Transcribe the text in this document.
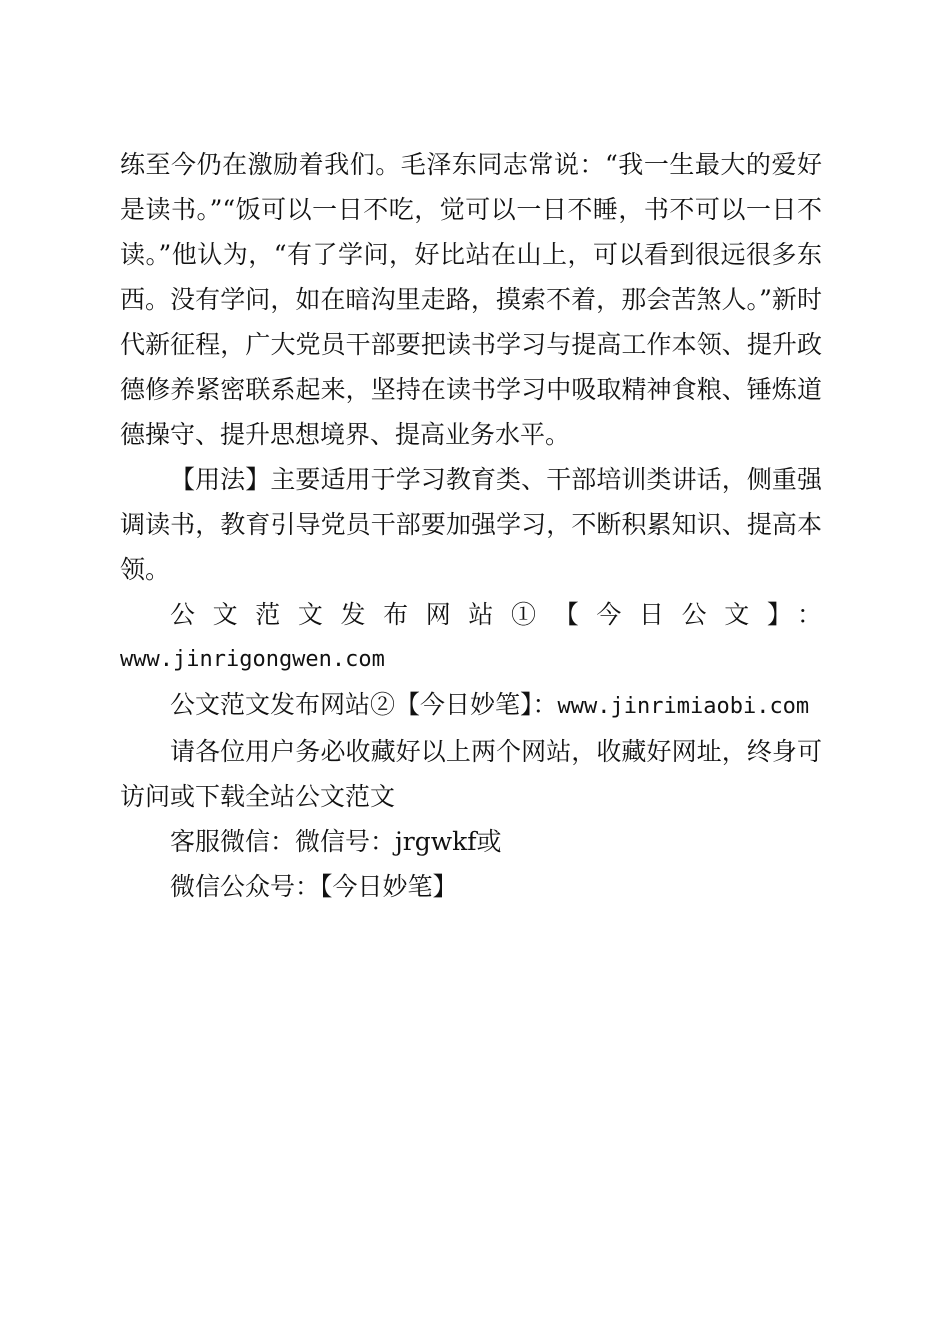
练至今仍在激励着我们。毛泽东同志常说：“我一生最大的爱好是读书。”“饭可以一日不吃，觉可以一日不睡，书不可以一日不读。”他认为，“有了学问，好比站在山上，可以看到很远很多东西。没有学问，如在暗沟里走路，摸索不着，那会苦煞人。”新时代新征程，广大党员干部要把读书学习与提高工作本领、提升政德修养紧密联系起来，坚持在读书学习中吸取精神食粮、锤炼道德操守、提升思想境界、提高业务水平。

【用法】主要适用于学习教育类、干部培训类讲话，侧重强调读书，教育引导党员干部要加强学习，不断积累知识、提高本领。

公文范文发布网站①【今日公文】：

www.jinrigongwen.com

公文范文发布网站②【今日妙笔】：www.jinrimiaobi.com

请各位用户务必收藏好以上两个网站，收藏好网址，终身可访问或下载全站公文范文

客服微信：微信号：jrgwkf或

微信公众号：【今日妙笔】
